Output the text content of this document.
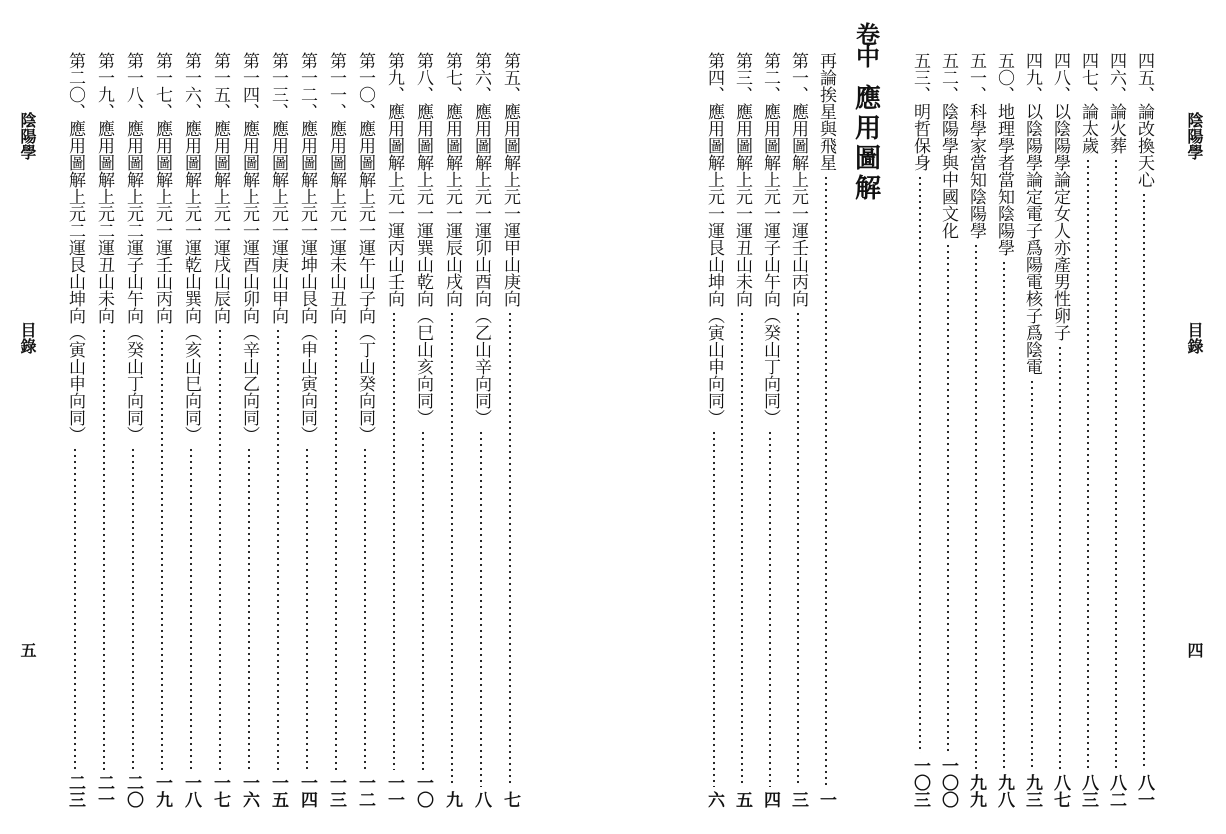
陰陽學
目錄
四
四五、論改換天心
八一
四六、論火葬
八二
四七、論太歲
八三
四八、以陰陽學論定女人亦產男性卵子
八七
四九、以陰陽學論定電子爲陽電核子爲陰電
九三
五〇、地理學者當知陰陽學
九八
五一、科學家當知陰陽學
九九
五二、陰陽學與中國文化
一〇〇
五三、明哲保身
一〇三
卷中
應用圖解
再論挨星與飛星
一
第一、應用圖解上元一運壬山丙向
三
第二、應用圖解上元一運子山午向（癸山丁向同）
四
第三、應用圖解上元一運丑山未向
五
第四、應用圖解上元一運艮山坤向（寅山申向同）
六
第五、應用圖解上元一運甲山庚向
七
第六、應用圖解上元一運卯山酉向（乙山辛向同）
八
第七、應用圖解上元一運辰山戌向
九
第八、應用圖解上元一運巽山乾向（巳山亥向同）
一〇
第九、應用圖解上元一運丙山壬向
一一
第一〇、應用圖解上元一運午山子向（丁山癸向同）
一二
第一一、應用圖解上元一運未山丑向
一三
第一二、應用圖解上元一運坤山艮向（申山寅向同）
一四
第一三、應用圖解上元一運庚山甲向
一五
第一四、應用圖解上元一運酉山卯向（辛山乙向同）
一六
第一五、應用圖解上元一運戌山辰向
一七
第一六、應用圖解上元一運乾山巽向（亥山巳向同）
一八
第一七、應用圖解上元一運壬山丙向
一九
第一八、應用圖解上元二運子山午向（癸山丁向同）
二〇
第一九、應用圖解上元二運丑山未向
二一
第二〇、應用圖解上元二運艮山坤向（寅山申向同）
二三
陰陽學
目錄
五
